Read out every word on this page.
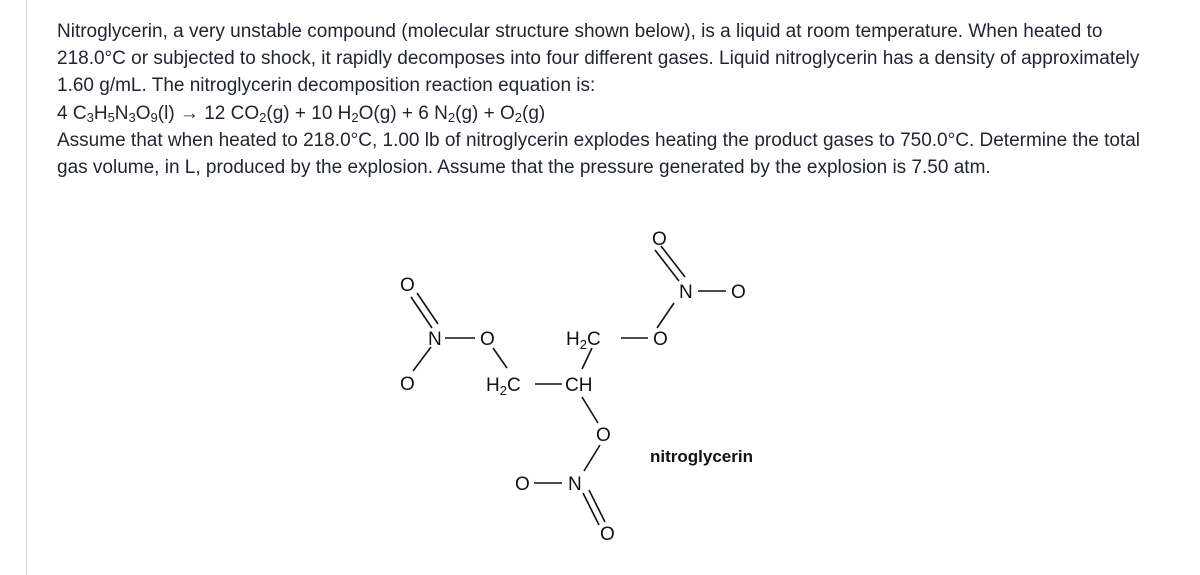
Nitroglycerin, a very unstable compound (molecular structure shown below), is a liquid at room temperature. When heated to 218.0°C or subjected to shock, it rapidly decomposes into four different gases. Liquid nitroglycerin has a density of approximately 1.60 g/mL. The nitroglycerin decomposition reaction equation is:

4 $C_3H_5N_3O_9(l) \to 12$ $CO_2(g) + 10$ $H_2O(g) + 6$ $N_2(g) + O_2(g)$

Assume that when heated to 218.0°C, 1.00 lb of nitroglycerin explodes heating the product gases to 750.0°C. Determine the total gas volume, in L, produced by the explosion. Assume that the pressure generated by the explosion is 7.50 atm.

O
N O
O
$H_2C$	O
$H_2C$ CH
O
N O
O
O N
O
nitroglycerin
